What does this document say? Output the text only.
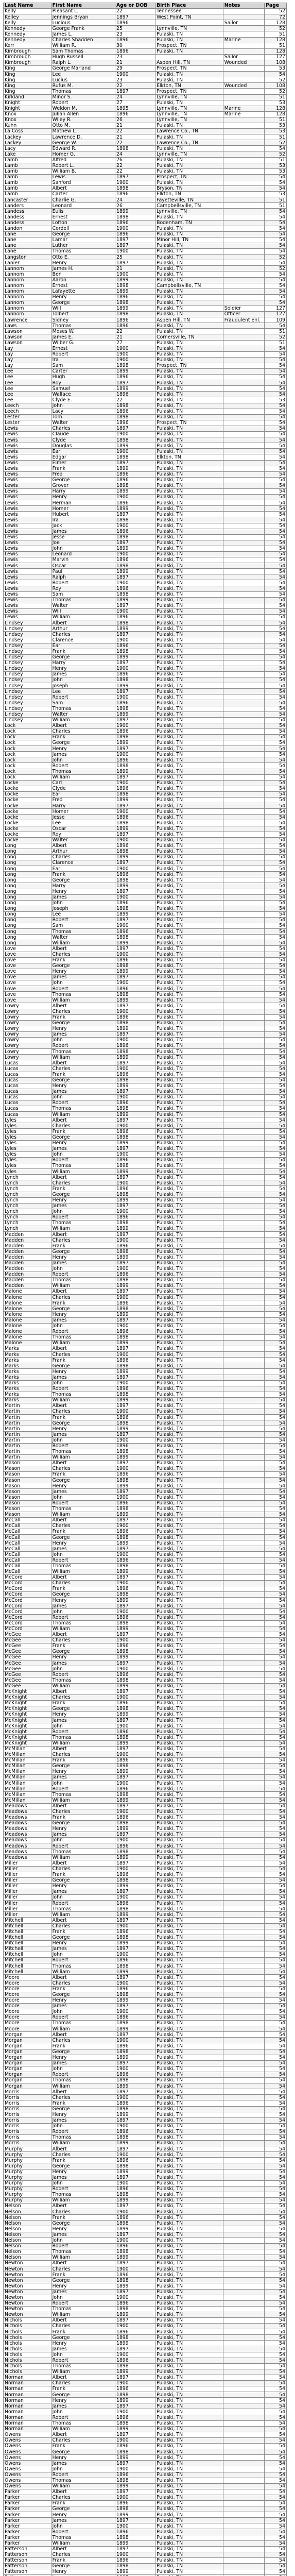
Last Name	First Name	Age or DOB	Birth Place	Notes	Page
Kelly	Pleasant L.	22	Tennessee		52
Kelley	Jennings Bryan	1897	West Point, TN		72
Kelly	Lucious	1896		Sailor	128
Kennedy	George Frank	25	Lynnville, TN		52
Kennedy	James L.	23	Pulaski, TN		51
Kennedy	Charles Shadden	1896	Pulaski, TN	Marine	128
Kerr	William R.	30	Prospect, TN		51
Kimbrough	Sam Thomas	1896	Pulaski, TN		128
Kimbrough	Hugh Russell	23		Sailor	127
Kimbrough	Ralph L.	21	Aspen Hill, TN	Wounded	108
King	George Marland	29	Prospect, TN		53
King	Lee	1900	Pulaski, TN		54
King	Lucius	23	Pulaski, TN		52
King	Rufus M.	22	Elkton, TN	Wounded	108
King	Thomas	1897	Prospect, TN		52
Kirkland	Minor S.	24	Lynnville, TN		51
Knight	Robert	27	Pulaski, TN		53
Knight	Weldon M.	1895	Lynnville, TN	Marine	128
Knox	Julian Allen	1896	Lynnville, TN	Marine	128
Knox	Wiley R.	26	Lynnville, TN		51
Kuhn	Otto M.	21	Pulaski, TN		53
La Coss	Mathew L.	22	Lawrence Co., TN		53
Lackey	Lawrence D.	21	Pulaski, TN		51
Lackey	George W.	22	Lawrence Co., TN		52
Lacy	Edward R.	1898	Pulaski, TN		54
Lake	Homer G.	24	Lynnville, TN		52
Lamb	Alfred	26	Pulaski, TN		51
Lamb	Robert L.	22	Pulaski, TN		53
Lamb	William B.	22	Pulaski, TN		53
Lamb	Lewis	1897	Prospect, TN		54
Lamb	Sanford	1900	Pulaski, TN		54
Lamb	Albert	1898	Bryson, TN		54
Lamb	Carter	1896	Elkton, TN		53
Lancaster	Charlie G.	24	Fayetteville, TN		51
Landers	Leonard	26	Campbellsville, TN		51
Landess	Eulis	1899	Lynnville, TN		54
Landess	Ernest	1898	Pulaski, TN		54
Landess	Lofton	1896	Bodenham, TN		54
Landon	Cordell	1900	Pulaski, TN		54
Lane	George	1896	Pulaski, TN		54
Lane	Lamar	1897	Minor Hill, TN		54
Lane	Luther	1897	Pulaski, TN		54
Lane	Thomas	1900	Pulaski, TN		54
Langston	Otto E.	25	Pulaski, TN		52
Lanier	Henry	1897	Pulaski, TN		54
Lannom	James H.	21	Pulaski, TN		52
Lannom	Ben	1900	Pulaski, TN		54
Lannom	Aaron	1899	Pulaski, TN		54
Lannom	Ernest	1898	Campbellsville, TN		54
Lannom	Lafayette	1899	Pulaski, TN		54
Lannom	Henry	1896	Pulaski, TN		54
Lannom	George	1898	Pulaski, TN		54
Lannom	Will	1899	Pulaski, TN	Soldier	127
Lannom	Tolbert	1898	Pulaski, TN	Officer	127
Lawrence	Sidney	1896	Aspen Hill, TN	Fraudulent enl.	109
Laws	Thomas	1896	Pulaski, TN		54
Lawson	Moses W.	22	Pulaski, TN		51
Lawson	James E.	21	Cornersville, TN		52
Lawson	Wilber G.	27	Pulaski, TN		51
Lay	Ernest	1900	Pulaski, TN		54
Lay	Robert	1900	Pulaski, TN		54
Lay	Ira	1900	Pulaski, TN		54
Lay	Sam	1898	Prospect, TN		54
Lee	Carter	1899	Pulaski, TN		54
Lee	Hugh	1896	Pulaski, TN		54
Lee	Roy	1897	Pulaski, TN		54
Lee	Samuel	1899	Pulaski, TN		54
Lee	Wallace	1896	Pulaski, TN		54
Lee	Clyde E.	22	Pulaski, TN		53
Leech	John	1898	Pulaski, TN		54
Leech	Lacy	1896	Pulaski, TN		54
Lester	Tom	1898	Pulaski, TN		54
Lester	Walter	1896	Prospect, TN		54
Lewis	Charles	1897	Pulaski, TN		54
Lewis	Claude	1900	Pulaski, TN		54
Lewis	Clyde	1898	Pulaski, TN		54
Lewis	Douglas	1899	Pulaski, TN		54
Lewis	Earl	1900	Pulaski, TN		54
Lewis	Edgar	1898	Elkton, TN		54
Lewis	Elmer	1897	Pulaski, TN		54
Lewis	Frank	1899	Pulaski, TN		54
Lewis	Fred	1896	Pulaski, TN		54
Lewis	George	1896	Pulaski, TN		54
Lewis	Grover	1898	Pulaski, TN		54
Lewis	Harry	1899	Pulaski, TN		54
Lewis	Henry	1900	Pulaski, TN		54
Lewis	Herman	1896	Pulaski, TN		54
Lewis	Homer	1899	Pulaski, TN		54
Lewis	Hubert	1897	Pulaski, TN		54
Lewis	Ira	1898	Pulaski, TN		54
Lewis	Jack	1900	Pulaski, TN		54
Lewis	James	1896	Pulaski, TN		54
Lewis	Jesse	1898	Pulaski, TN		54
Lewis	Joe	1897	Pulaski, TN		54
Lewis	John	1899	Pulaski, TN		54
Lewis	Leonard	1900	Pulaski, TN		54
Lewis	Marvin	1896	Pulaski, TN		54
Lewis	Oscar	1898	Pulaski, TN		54
Lewis	Paul	1899	Pulaski, TN		54
Lewis	Ralph	1897	Pulaski, TN		54
Lewis	Robert	1900	Pulaski, TN		54
Lewis	Roy	1896	Pulaski, TN		54
Lewis	Sam	1898	Pulaski, TN		54
Lewis	Thomas	1899	Pulaski, TN		54
Lewis	Walter	1897	Pulaski, TN		54
Lewis	Will	1900	Pulaski, TN		54
Lewis	William	1896	Pulaski, TN		54
Lindsey	Albert	1898	Pulaski, TN		54
Lindsey	Arthur	1899	Pulaski, TN		54
Lindsey	Charles	1897	Pulaski, TN		54
Lindsey	Clarence	1900	Pulaski, TN		54
Lindsey	Earl	1896	Pulaski, TN		54
Lindsey	Frank	1898	Pulaski, TN		54
Lindsey	George	1899	Pulaski, TN		54
Lindsey	Harry	1897	Pulaski, TN		54
Lindsey	Henry	1900	Pulaski, TN		54
Lindsey	James	1896	Pulaski, TN		54
Lindsey	John	1898	Pulaski, TN		54
Lindsey	Joseph	1899	Pulaski, TN		54
Lindsey	Lee	1897	Pulaski, TN		54
Lindsey	Robert	1900	Pulaski, TN		54
Lindsey	Sam	1896	Pulaski, TN		54
Lindsey	Thomas	1898	Pulaski, TN		54
Lindsey	Walter	1899	Pulaski, TN		54
Lindsey	William	1897	Pulaski, TN		54
Lock	Albert	1900	Pulaski, TN		54
Lock	Charles	1896	Pulaski, TN		54
Lock	Frank	1898	Pulaski, TN		54
Lock	George	1899	Pulaski, TN		54
Lock	Henry	1897	Pulaski, TN		54
Lock	James	1900	Pulaski, TN		54
Lock	John	1896	Pulaski, TN		54
Lock	Robert	1898	Pulaski, TN		54
Lock	Thomas	1899	Pulaski, TN		54
Lock	William	1897	Pulaski, TN		54
Locke	Carl	1900	Pulaski, TN		54
Locke	Clyde	1896	Pulaski, TN		54
Locke	Earl	1898	Pulaski, TN		54
Locke	Fred	1899	Pulaski, TN		54
Locke	Harry	1897	Pulaski, TN		54
Locke	Homer	1900	Pulaski, TN		54
Locke	Jesse	1896	Pulaski, TN		54
Locke	Lee	1898	Pulaski, TN		54
Locke	Oscar	1899	Pulaski, TN		54
Locke	Roy	1897	Pulaski, TN		54
Locke	Walter	1900	Pulaski, TN		54
Long	Albert	1896	Pulaski, TN		54
Long	Arthur	1898	Pulaski, TN		54
Long	Charles	1899	Pulaski, TN		54
Long	Clarence	1897	Pulaski, TN		54
Long	Earl	1900	Pulaski, TN		54
Long	Frank	1896	Pulaski, TN		54
Long	George	1898	Pulaski, TN		54
Long	Harry	1899	Pulaski, TN		54
Long	Henry	1897	Pulaski, TN		54
Long	James	1900	Pulaski, TN		54
Long	John	1896	Pulaski, TN		54
Long	Joseph	1898	Pulaski, TN		54
Long	Lee	1899	Pulaski, TN		54
Long	Robert	1897	Pulaski, TN		54
Long	Sam	1900	Pulaski, TN		54
Long	Thomas	1896	Pulaski, TN		54
Long	Walter	1898	Pulaski, TN		54
Long	William	1899	Pulaski, TN		54
Love	Albert	1897	Pulaski, TN		54
Love	Charles	1900	Pulaski, TN		54
Love	Frank	1896	Pulaski, TN		54
Love	George	1898	Pulaski, TN		54
Love	Henry	1899	Pulaski, TN		54
Love	James	1897	Pulaski, TN		54
Love	John	1900	Pulaski, TN		54
Love	Robert	1896	Pulaski, TN		54
Love	Thomas	1898	Pulaski, TN		54
Love	William	1899	Pulaski, TN		54
Lowry	Albert	1897	Pulaski, TN		54
Lowry	Charles	1900	Pulaski, TN		54
Lowry	Frank	1896	Pulaski, TN		54
Lowry	George	1898	Pulaski, TN		54
Lowry	Henry	1899	Pulaski, TN		54
Lowry	James	1897	Pulaski, TN		54
Lowry	John	1900	Pulaski, TN		54
Lowry	Robert	1896	Pulaski, TN		54
Lowry	Thomas	1898	Pulaski, TN		54
Lowry	William	1899	Pulaski, TN		54
Lucas	Albert	1897	Pulaski, TN		54
Lucas	Charles	1900	Pulaski, TN		54
Lucas	Frank	1896	Pulaski, TN		54
Lucas	George	1898	Pulaski, TN		54
Lucas	Henry	1899	Pulaski, TN		54
Lucas	James	1897	Pulaski, TN		54
Lucas	John	1900	Pulaski, TN		54
Lucas	Robert	1896	Pulaski, TN		54
Lucas	Thomas	1898	Pulaski, TN		54
Lucas	William	1899	Pulaski, TN		54
Lyles	Albert	1897	Pulaski, TN		54
Lyles	Charles	1900	Pulaski, TN		54
Lyles	Frank	1896	Pulaski, TN		54
Lyles	George	1898	Pulaski, TN		54
Lyles	Henry	1899	Pulaski, TN		54
Lyles	James	1897	Pulaski, TN		54
Lyles	John	1900	Pulaski, TN		54
Lyles	Robert	1896	Pulaski, TN		54
Lyles	Thomas	1898	Pulaski, TN		54
Lyles	William	1899	Pulaski, TN		54
Lynch	Albert	1897	Pulaski, TN		54
Lynch	Charles	1900	Pulaski, TN		54
Lynch	Frank	1896	Pulaski, TN		54
Lynch	George	1898	Pulaski, TN		54
Lynch	Henry	1899	Pulaski, TN		54
Lynch	James	1897	Pulaski, TN		54
Lynch	John	1900	Pulaski, TN		54
Lynch	Robert	1896	Pulaski, TN		54
Lynch	Thomas	1898	Pulaski, TN		54
Lynch	William	1899	Pulaski, TN		54
Madden	Albert	1897	Pulaski, TN		54
Madden	Charles	1900	Pulaski, TN		54
Madden	Frank	1896	Pulaski, TN		54
Madden	George	1898	Pulaski, TN		54
Madden	Henry	1899	Pulaski, TN		54
Madden	James	1897	Pulaski, TN		54
Madden	John	1900	Pulaski, TN		54
Madden	Robert	1896	Pulaski, TN		54
Madden	Thomas	1898	Pulaski, TN		54
Madden	William	1899	Pulaski, TN		54
Malone	Albert	1897	Pulaski, TN		54
Malone	Charles	1900	Pulaski, TN		54
Malone	Frank	1896	Pulaski, TN		54
Malone	George	1898	Pulaski, TN		54
Malone	Henry	1899	Pulaski, TN		54
Malone	James	1897	Pulaski, TN		54
Malone	John	1900	Pulaski, TN		54
Malone	Robert	1896	Pulaski, TN		54
Malone	Thomas	1898	Pulaski, TN		54
Malone	William	1899	Pulaski, TN		54
Marks	Albert	1897	Pulaski, TN		54
Marks	Charles	1900	Pulaski, TN		54
Marks	Frank	1896	Pulaski, TN		54
Marks	George	1898	Pulaski, TN		54
Marks	Henry	1899	Pulaski, TN		54
Marks	James	1897	Pulaski, TN		54
Marks	John	1900	Pulaski, TN		54
Marks	Robert	1896	Pulaski, TN		54
Marks	Thomas	1898	Pulaski, TN		54
Marks	William	1899	Pulaski, TN		54
Martin	Albert	1897	Pulaski, TN		54
Martin	Charles	1900	Pulaski, TN		54
Martin	Frank	1896	Pulaski, TN		54
Martin	George	1898	Pulaski, TN		54
Martin	Henry	1899	Pulaski, TN		54
Martin	James	1897	Pulaski, TN		54
Martin	John	1900	Pulaski, TN		54
Martin	Robert	1896	Pulaski, TN		54
Martin	Thomas	1898	Pulaski, TN		54
Martin	William	1899	Pulaski, TN		54
Mason	Albert	1897	Pulaski, TN		54
Mason	Charles	1900	Pulaski, TN		54
Mason	Frank	1896	Pulaski, TN		54
Mason	George	1898	Pulaski, TN		54
Mason	Henry	1899	Pulaski, TN		54
Mason	James	1897	Pulaski, TN		54
Mason	John	1900	Pulaski, TN		54
Mason	Robert	1896	Pulaski, TN		54
Mason	Thomas	1898	Pulaski, TN		54
Mason	William	1899	Pulaski, TN		54
McCall	Albert	1897	Pulaski, TN		54
McCall	Charles	1900	Pulaski, TN		54
McCall	Frank	1896	Pulaski, TN		54
McCall	George	1898	Pulaski, TN		54
McCall	Henry	1899	Pulaski, TN		54
McCall	James	1897	Pulaski, TN		54
McCall	John	1900	Pulaski, TN		54
McCall	Robert	1896	Pulaski, TN		54
McCall	Thomas	1898	Pulaski, TN		54
McCall	William	1899	Pulaski, TN		54
McCord	Albert	1897	Pulaski, TN		54
McCord	Charles	1900	Pulaski, TN		54
McCord	Frank	1896	Pulaski, TN		54
McCord	George	1898	Pulaski, TN		54
McCord	Henry	1899	Pulaski, TN		54
McCord	James	1897	Pulaski, TN		54
McCord	John	1900	Pulaski, TN		54
McCord	Robert	1896	Pulaski, TN		54
McCord	Thomas	1898	Pulaski, TN		54
McCord	William	1899	Pulaski, TN		54
McGee	Albert	1897	Pulaski, TN		54
McGee	Charles	1900	Pulaski, TN		54
McGee	Frank	1896	Pulaski, TN		54
McGee	George	1898	Pulaski, TN		54
McGee	Henry	1899	Pulaski, TN		54
McGee	James	1897	Pulaski, TN		54
McGee	John	1900	Pulaski, TN		54
McGee	Robert	1896	Pulaski, TN		54
McGee	Thomas	1898	Pulaski, TN		54
McGee	William	1899	Pulaski, TN		54
McKnight	Albert	1897	Pulaski, TN		54
McKnight	Charles	1900	Pulaski, TN		54
McKnight	Frank	1896	Pulaski, TN		54
McKnight	George	1898	Pulaski, TN		54
McKnight	Henry	1899	Pulaski, TN		54
McKnight	James	1897	Pulaski, TN		54
McKnight	John	1900	Pulaski, TN		54
McKnight	Robert	1896	Pulaski, TN		54
McKnight	Thomas	1898	Pulaski, TN		54
McKnight	William	1899	Pulaski, TN		54
McMillan	Albert	1897	Pulaski, TN		54
McMillan	Charles	1900	Pulaski, TN		54
McMillan	Frank	1896	Pulaski, TN		54
McMillan	George	1898	Pulaski, TN		54
McMillan	Henry	1899	Pulaski, TN		54
McMillan	James	1897	Pulaski, TN		54
McMillan	John	1900	Pulaski, TN		54
McMillan	Robert	1896	Pulaski, TN		54
McMillan	Thomas	1898	Pulaski, TN		54
McMillan	William	1899	Pulaski, TN		54
Meadows	Albert	1897	Pulaski, TN		54
Meadows	Charles	1900	Pulaski, TN		54
Meadows	Frank	1896	Pulaski, TN		54
Meadows	George	1898	Pulaski, TN		54
Meadows	Henry	1899	Pulaski, TN		54
Meadows	James	1897	Pulaski, TN		54
Meadows	John	1900	Pulaski, TN		54
Meadows	Robert	1896	Pulaski, TN		54
Meadows	Thomas	1898	Pulaski, TN		54
Meadows	William	1899	Pulaski, TN		54
Miller	Albert	1897	Pulaski, TN		54
Miller	Charles	1900	Pulaski, TN		54
Miller	Frank	1896	Pulaski, TN		54
Miller	George	1898	Pulaski, TN		54
Miller	Henry	1899	Pulaski, TN		54
Miller	James	1897	Pulaski, TN		54
Miller	John	1900	Pulaski, TN		54
Miller	Robert	1896	Pulaski, TN		54
Miller	Thomas	1898	Pulaski, TN		54
Miller	William	1899	Pulaski, TN		54
Mitchell	Albert	1897	Pulaski, TN		54
Mitchell	Charles	1900	Pulaski, TN		54
Mitchell	Frank	1896	Pulaski, TN		54
Mitchell	George	1898	Pulaski, TN		54
Mitchell	Henry	1899	Pulaski, TN		54
Mitchell	James	1897	Pulaski, TN		54
Mitchell	John	1900	Pulaski, TN		54
Mitchell	Robert	1896	Pulaski, TN		54
Mitchell	Thomas	1898	Pulaski, TN		54
Mitchell	William	1899	Pulaski, TN		54
Moore	Albert	1897	Pulaski, TN		54
Moore	Charles	1900	Pulaski, TN		54
Moore	Frank	1896	Pulaski, TN		54
Moore	George	1898	Pulaski, TN		54
Moore	Henry	1899	Pulaski, TN		54
Moore	James	1897	Pulaski, TN		54
Moore	John	1900	Pulaski, TN		54
Moore	Robert	1896	Pulaski, TN		54
Moore	Thomas	1898	Pulaski, TN		54
Moore	William	1899	Pulaski, TN		54
Morgan	Albert	1897	Pulaski, TN		54
Morgan	Charles	1900	Pulaski, TN		54
Morgan	Frank	1896	Pulaski, TN		54
Morgan	George	1898	Pulaski, TN		54
Morgan	Henry	1899	Pulaski, TN		54
Morgan	James	1897	Pulaski, TN		54
Morgan	John	1900	Pulaski, TN		54
Morgan	Robert	1896	Pulaski, TN		54
Morgan	Thomas	1898	Pulaski, TN		54
Morgan	William	1899	Pulaski, TN		54
Morris	Albert	1897	Pulaski, TN		54
Morris	Charles	1900	Pulaski, TN		54
Morris	Frank	1896	Pulaski, TN		54
Morris	George	1898	Pulaski, TN		54
Morris	Henry	1899	Pulaski, TN		54
Morris	James	1897	Pulaski, TN		54
Morris	John	1900	Pulaski, TN		54
Morris	Robert	1896	Pulaski, TN		54
Morris	Thomas	1898	Pulaski, TN		54
Morris	William	1899	Pulaski, TN		54
Murphy	Albert	1897	Pulaski, TN		54
Murphy	Charles	1900	Pulaski, TN		54
Murphy	Frank	1896	Pulaski, TN		54
Murphy	George	1898	Pulaski, TN		54
Murphy	Henry	1899	Pulaski, TN		54
Murphy	James	1897	Pulaski, TN		54
Murphy	John	1900	Pulaski, TN		54
Murphy	Robert	1896	Pulaski, TN		54
Murphy	Thomas	1898	Pulaski, TN		54
Murphy	William	1899	Pulaski, TN		54
Nelson	Albert	1897	Pulaski, TN		54
Nelson	Charles	1900	Pulaski, TN		54
Nelson	Frank	1896	Pulaski, TN		54
Nelson	George	1898	Pulaski, TN		54
Nelson	Henry	1899	Pulaski, TN		54
Nelson	James	1897	Pulaski, TN		54
Nelson	John	1900	Pulaski, TN		54
Nelson	Robert	1896	Pulaski, TN		54
Nelson	Thomas	1898	Pulaski, TN		54
Nelson	William	1899	Pulaski, TN		54
Newton	Albert	1897	Pulaski, TN		54
Newton	Charles	1900	Pulaski, TN		54
Newton	Frank	1896	Pulaski, TN		54
Newton	George	1898	Pulaski, TN		54
Newton	Henry	1899	Pulaski, TN		54
Newton	James	1897	Pulaski, TN		54
Newton	John	1900	Pulaski, TN		54
Newton	Robert	1896	Pulaski, TN		54
Newton	Thomas	1898	Pulaski, TN		54
Newton	William	1899	Pulaski, TN		54
Nichols	Albert	1897	Pulaski, TN		54
Nichols	Charles	1900	Pulaski, TN		54
Nichols	Frank	1896	Pulaski, TN		54
Nichols	George	1898	Pulaski, TN		54
Nichols	Henry	1899	Pulaski, TN		54
Nichols	James	1897	Pulaski, TN		54
Nichols	John	1900	Pulaski, TN		54
Nichols	Robert	1896	Pulaski, TN		54
Nichols	Thomas	1898	Pulaski, TN		54
Nichols	William	1899	Pulaski, TN		54
Norman	Albert	1897	Pulaski, TN		54
Norman	Charles	1900	Pulaski, TN		54
Norman	Frank	1896	Pulaski, TN		54
Norman	George	1898	Pulaski, TN		54
Norman	Henry	1899	Pulaski, TN		54
Norman	James	1897	Pulaski, TN		54
Norman	John	1900	Pulaski, TN		54
Norman	Robert	1896	Pulaski, TN		54
Norman	Thomas	1898	Pulaski, TN		54
Norman	William	1899	Pulaski, TN		54
Owens	Albert	1897	Pulaski, TN		54
Owens	Charles	1900	Pulaski, TN		54
Owens	Frank	1896	Pulaski, TN		54
Owens	George	1898	Pulaski, TN		54
Owens	Henry	1899	Pulaski, TN		54
Owens	James	1897	Pulaski, TN		54
Owens	John	1900	Pulaski, TN		54
Owens	Robert	1896	Pulaski, TN		54
Owens	Thomas	1898	Pulaski, TN		54
Owens	William	1899	Pulaski, TN		54
Parker	Albert	1897	Pulaski, TN		54
Parker	Charles	1900	Pulaski, TN		54
Parker	Frank	1896	Pulaski, TN		54
Parker	George	1898	Pulaski, TN		54
Parker	Henry	1899	Pulaski, TN		54
Parker	James	1897	Pulaski, TN		54
Parker	John	1900	Pulaski, TN		54
Parker	Robert	1896	Pulaski, TN		54
Parker	Thomas	1898	Pulaski, TN		54
Parker	William	1899	Pulaski, TN		54
Patterson	Albert	1897	Pulaski, TN		54
Patterson	Charles	1900	Pulaski, TN		54
Patterson	Frank	1896	Pulaski, TN		54
Patterson	George	1898	Pulaski, TN		54
Patterson	Henry	1899	Pulaski, TN		54
